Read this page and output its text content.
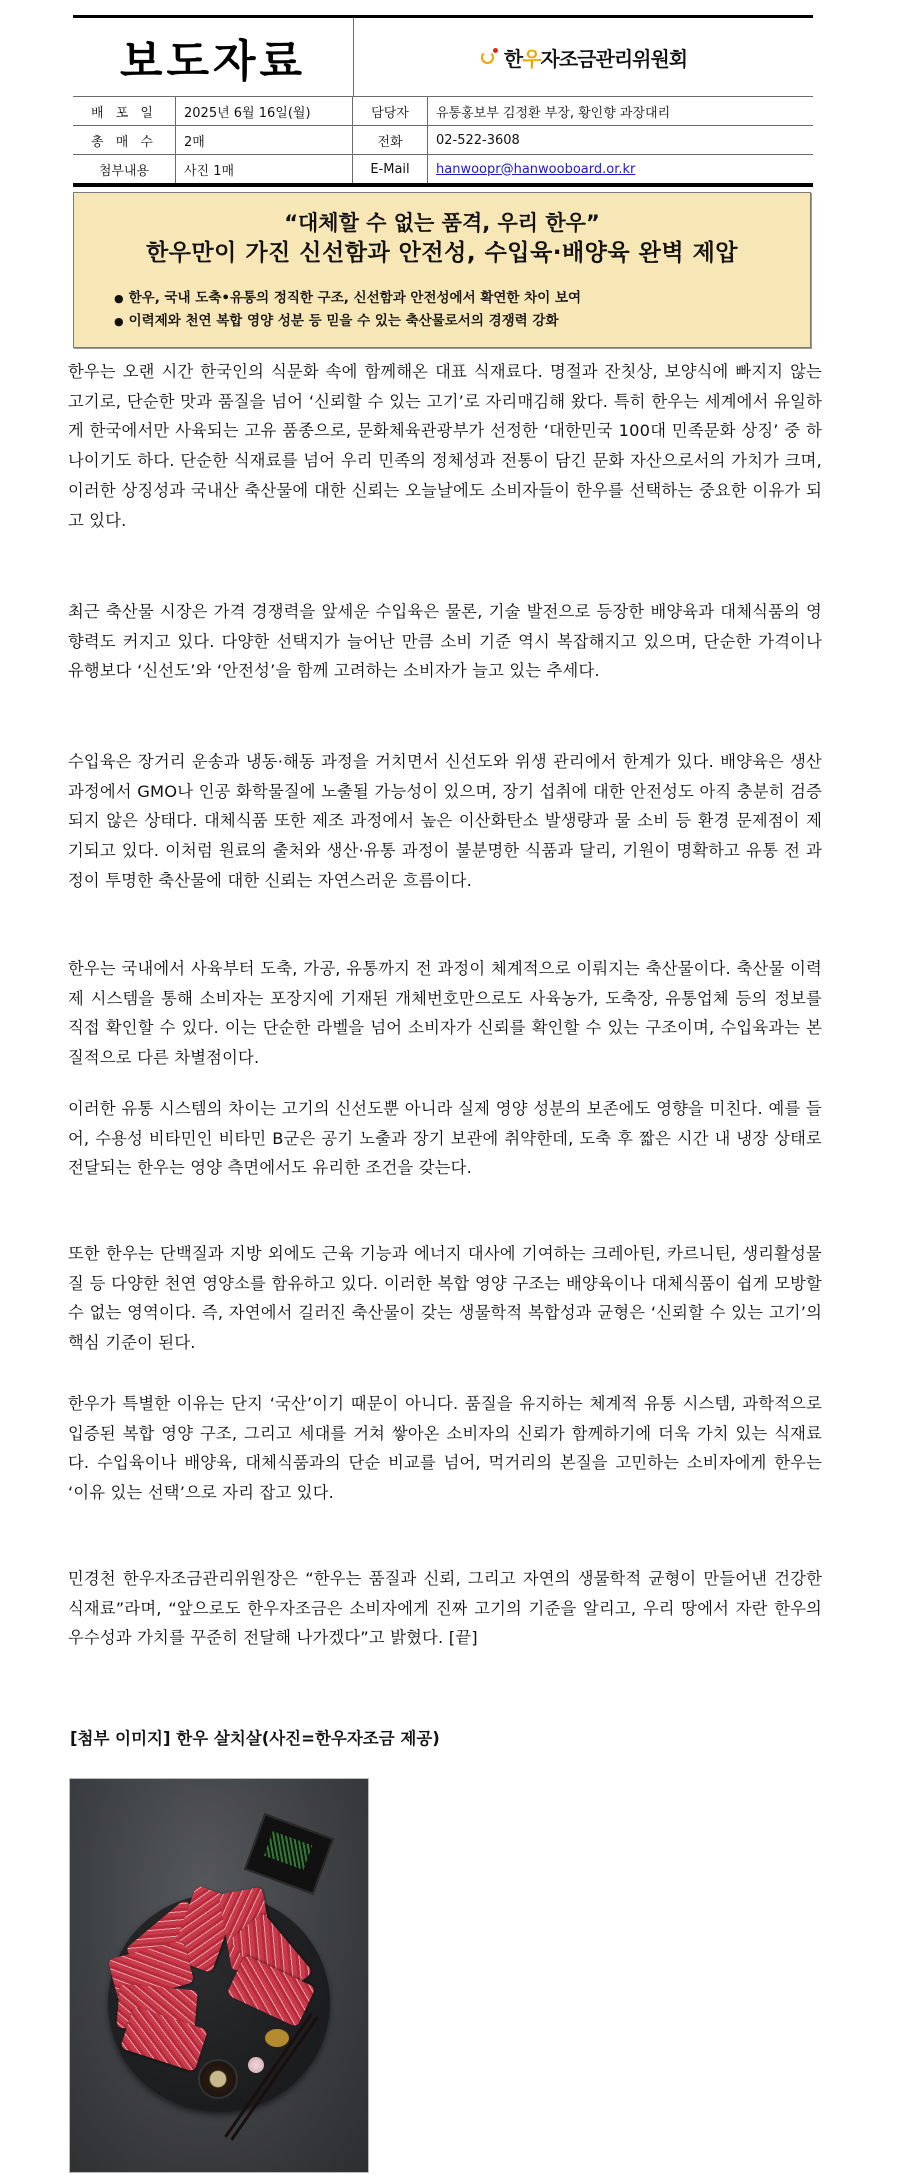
보도자료	한우자조금관리위원회
배 포 일	2025년 6월 16일(월)	담당자	유통홍보부 김정환 부장, 황인향 과장대리
총 매 수	2매	전화	02-522-3608
첨부내용	사진 1매	E-Mail	hanwoopr@hanwooboard.or.kr
“대체할 수 없는 품격, 우리 한우”
한우만이 가진 신선함과 안전성, 수입육·배양육 완벽 제압
● 한우, 국내 도축•유통의 정직한 구조, 신선함과 안전성에서 확연한 차이 보여
● 이력제와 천연 복합 영양 성분 등 믿을 수 있는 축산물로서의 경쟁력 강화

한우는 오랜 시간 한국인의 식문화 속에 함께해온 대표 식재료다. 명절과 잔칫상, 보양식에 빠지지 않는 고기로, 단순한 맛과 품질을 넘어 ‘신뢰할 수 있는 고기’로 자리매김해 왔다. 특히 한우는 세계에서 유일하게 한국에서만 사육되는 고유 품종으로, 문화체육관광부가 선정한 ‘대한민국 100대 민족문화 상징’ 중 하나이기도 하다. 단순한 식재료를 넘어 우리 민족의 정체성과 전통이 담긴 문화 자산으로서의 가치가 크며, 이러한 상징성과 국내산 축산물에 대한 신뢰는 오늘날에도 소비자들이 한우를 선택하는 중요한 이유가 되고 있다.

최근 축산물 시장은 가격 경쟁력을 앞세운 수입육은 물론, 기술 발전으로 등장한 배양육과 대체식품의 영향력도 커지고 있다. 다양한 선택지가 늘어난 만큼 소비 기준 역시 복잡해지고 있으며, 단순한 가격이나 유행보다 ‘신선도’와 ‘안전성’을 함께 고려하는 소비자가 늘고 있는 추세다.

수입육은 장거리 운송과 냉동·해동 과정을 거치면서 신선도와 위생 관리에서 한계가 있다. 배양육은 생산 과정에서 GMO나 인공 화학물질에 노출될 가능성이 있으며, 장기 섭취에 대한 안전성도 아직 충분히 검증되지 않은 상태다. 대체식품 또한 제조 과정에서 높은 이산화탄소 발생량과 물 소비 등 환경 문제점이 제기되고 있다. 이처럼 원료의 출처와 생산·유통 과정이 불분명한 식품과 달리, 기원이 명확하고 유통 전 과정이 투명한 축산물에 대한 신뢰는 자연스러운 흐름이다.

한우는 국내에서 사육부터 도축, 가공, 유통까지 전 과정이 체계적으로 이뤄지는 축산물이다. 축산물 이력제 시스템을 통해 소비자는 포장지에 기재된 개체번호만으로도 사육농가, 도축장, 유통업체 등의 정보를 직접 확인할 수 있다. 이는 단순한 라벨을 넘어 소비자가 신뢰를 확인할 수 있는 구조이며, 수입육과는 본질적으로 다른 차별점이다.

이러한 유통 시스템의 차이는 고기의 신선도뿐 아니라 실제 영양 성분의 보존에도 영향을 미친다. 예를 들어, 수용성 비타민인 비타민 B군은 공기 노출과 장기 보관에 취약한데, 도축 후 짧은 시간 내 냉장 상태로 전달되는 한우는 영양 측면에서도 유리한 조건을 갖는다.

또한 한우는 단백질과 지방 외에도 근육 기능과 에너지 대사에 기여하는 크레아틴, 카르니틴, 생리활성물질 등 다양한 천연 영양소를 함유하고 있다. 이러한 복합 영양 구조는 배양육이나 대체식품이 쉽게 모방할 수 없는 영역이다. 즉, 자연에서 길러진 축산물이 갖는 생물학적 복합성과 균형은 ‘신뢰할 수 있는 고기’의 핵심 기준이 된다.

한우가 특별한 이유는 단지 ‘국산’이기 때문이 아니다. 품질을 유지하는 체계적 유통 시스템, 과학적으로 입증된 복합 영양 구조, 그리고 세대를 거쳐 쌓아온 소비자의 신뢰가 함께하기에 더욱 가치 있는 식재료다. 수입육이나 배양육, 대체식품과의 단순 비교를 넘어, 먹거리의 본질을 고민하는 소비자에게 한우는 ‘이유 있는 선택’으로 자리 잡고 있다.

민경천 한우자조금관리위원장은 “한우는 품질과 신뢰, 그리고 자연의 생물학적 균형이 만들어낸 건강한 식재료”라며, “앞으로도 한우자조금은 소비자에게 진짜 고기의 기준을 알리고, 우리 땅에서 자란 한우의 우수성과 가치를 꾸준히 전달해 나가겠다”고 밝혔다. [끝]

[첨부 이미지] 한우 살치살(사진=한우자조금 제공)
